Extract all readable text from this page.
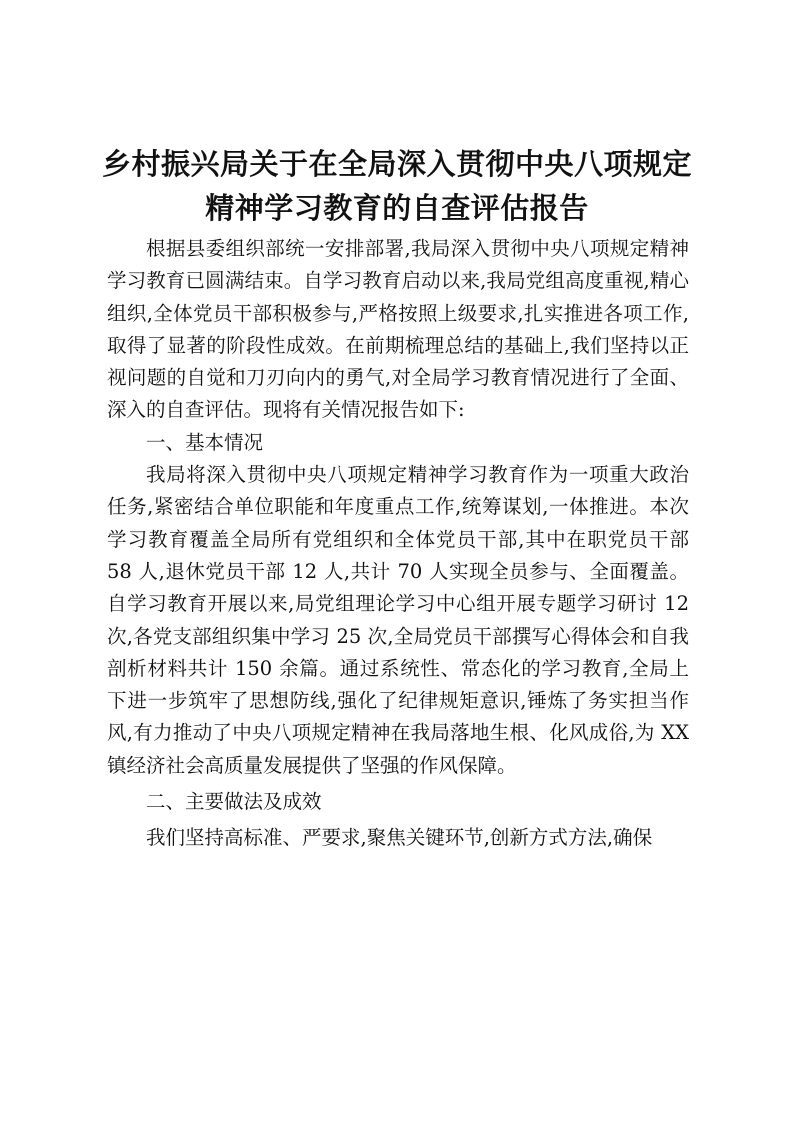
乡村振兴局关于在全局深入贯彻中央八项规定
精神学习教育的自查评估报告

根据县委组织部统一安排部署,我局深入贯彻中央八项规定精神学习教育已圆满结束。自学习教育启动以来,我局党组高度重视,精心组织,全体党员干部积极参与,严格按照上级要求,扎实推进各项工作,取得了显著的阶段性成效。在前期梳理总结的基础上,我们坚持以正视问题的自觉和刀刃向内的勇气,对全局学习教育情况进行了全面、深入的自查评估。现将有关情况报告如下:

一、基本情况

我局将深入贯彻中央八项规定精神学习教育作为一项重大政治任务,紧密结合单位职能和年度重点工作,统筹谋划,一体推进。本次学习教育覆盖全局所有党组织和全体党员干部,其中在职党员干部 58 人,退休党员干部 12 人,共计 70 人实现全员参与、全面覆盖。自学习教育开展以来,局党组理论学习中心组开展专题学习研讨 12 次,各党支部组织集中学习 25 次,全局党员干部撰写心得体会和自我剖析材料共计 150 余篇。通过系统性、常态化的学习教育,全局上下进一步筑牢了思想防线,强化了纪律规矩意识,锤炼了务实担当作风,有力推动了中央八项规定精神在我局落地生根、化风成俗,为 XX 镇经济社会高质量发展提供了坚强的作风保障。

二、主要做法及成效

我们坚持高标准、严要求,聚焦关键环节,创新方式方法,确保
